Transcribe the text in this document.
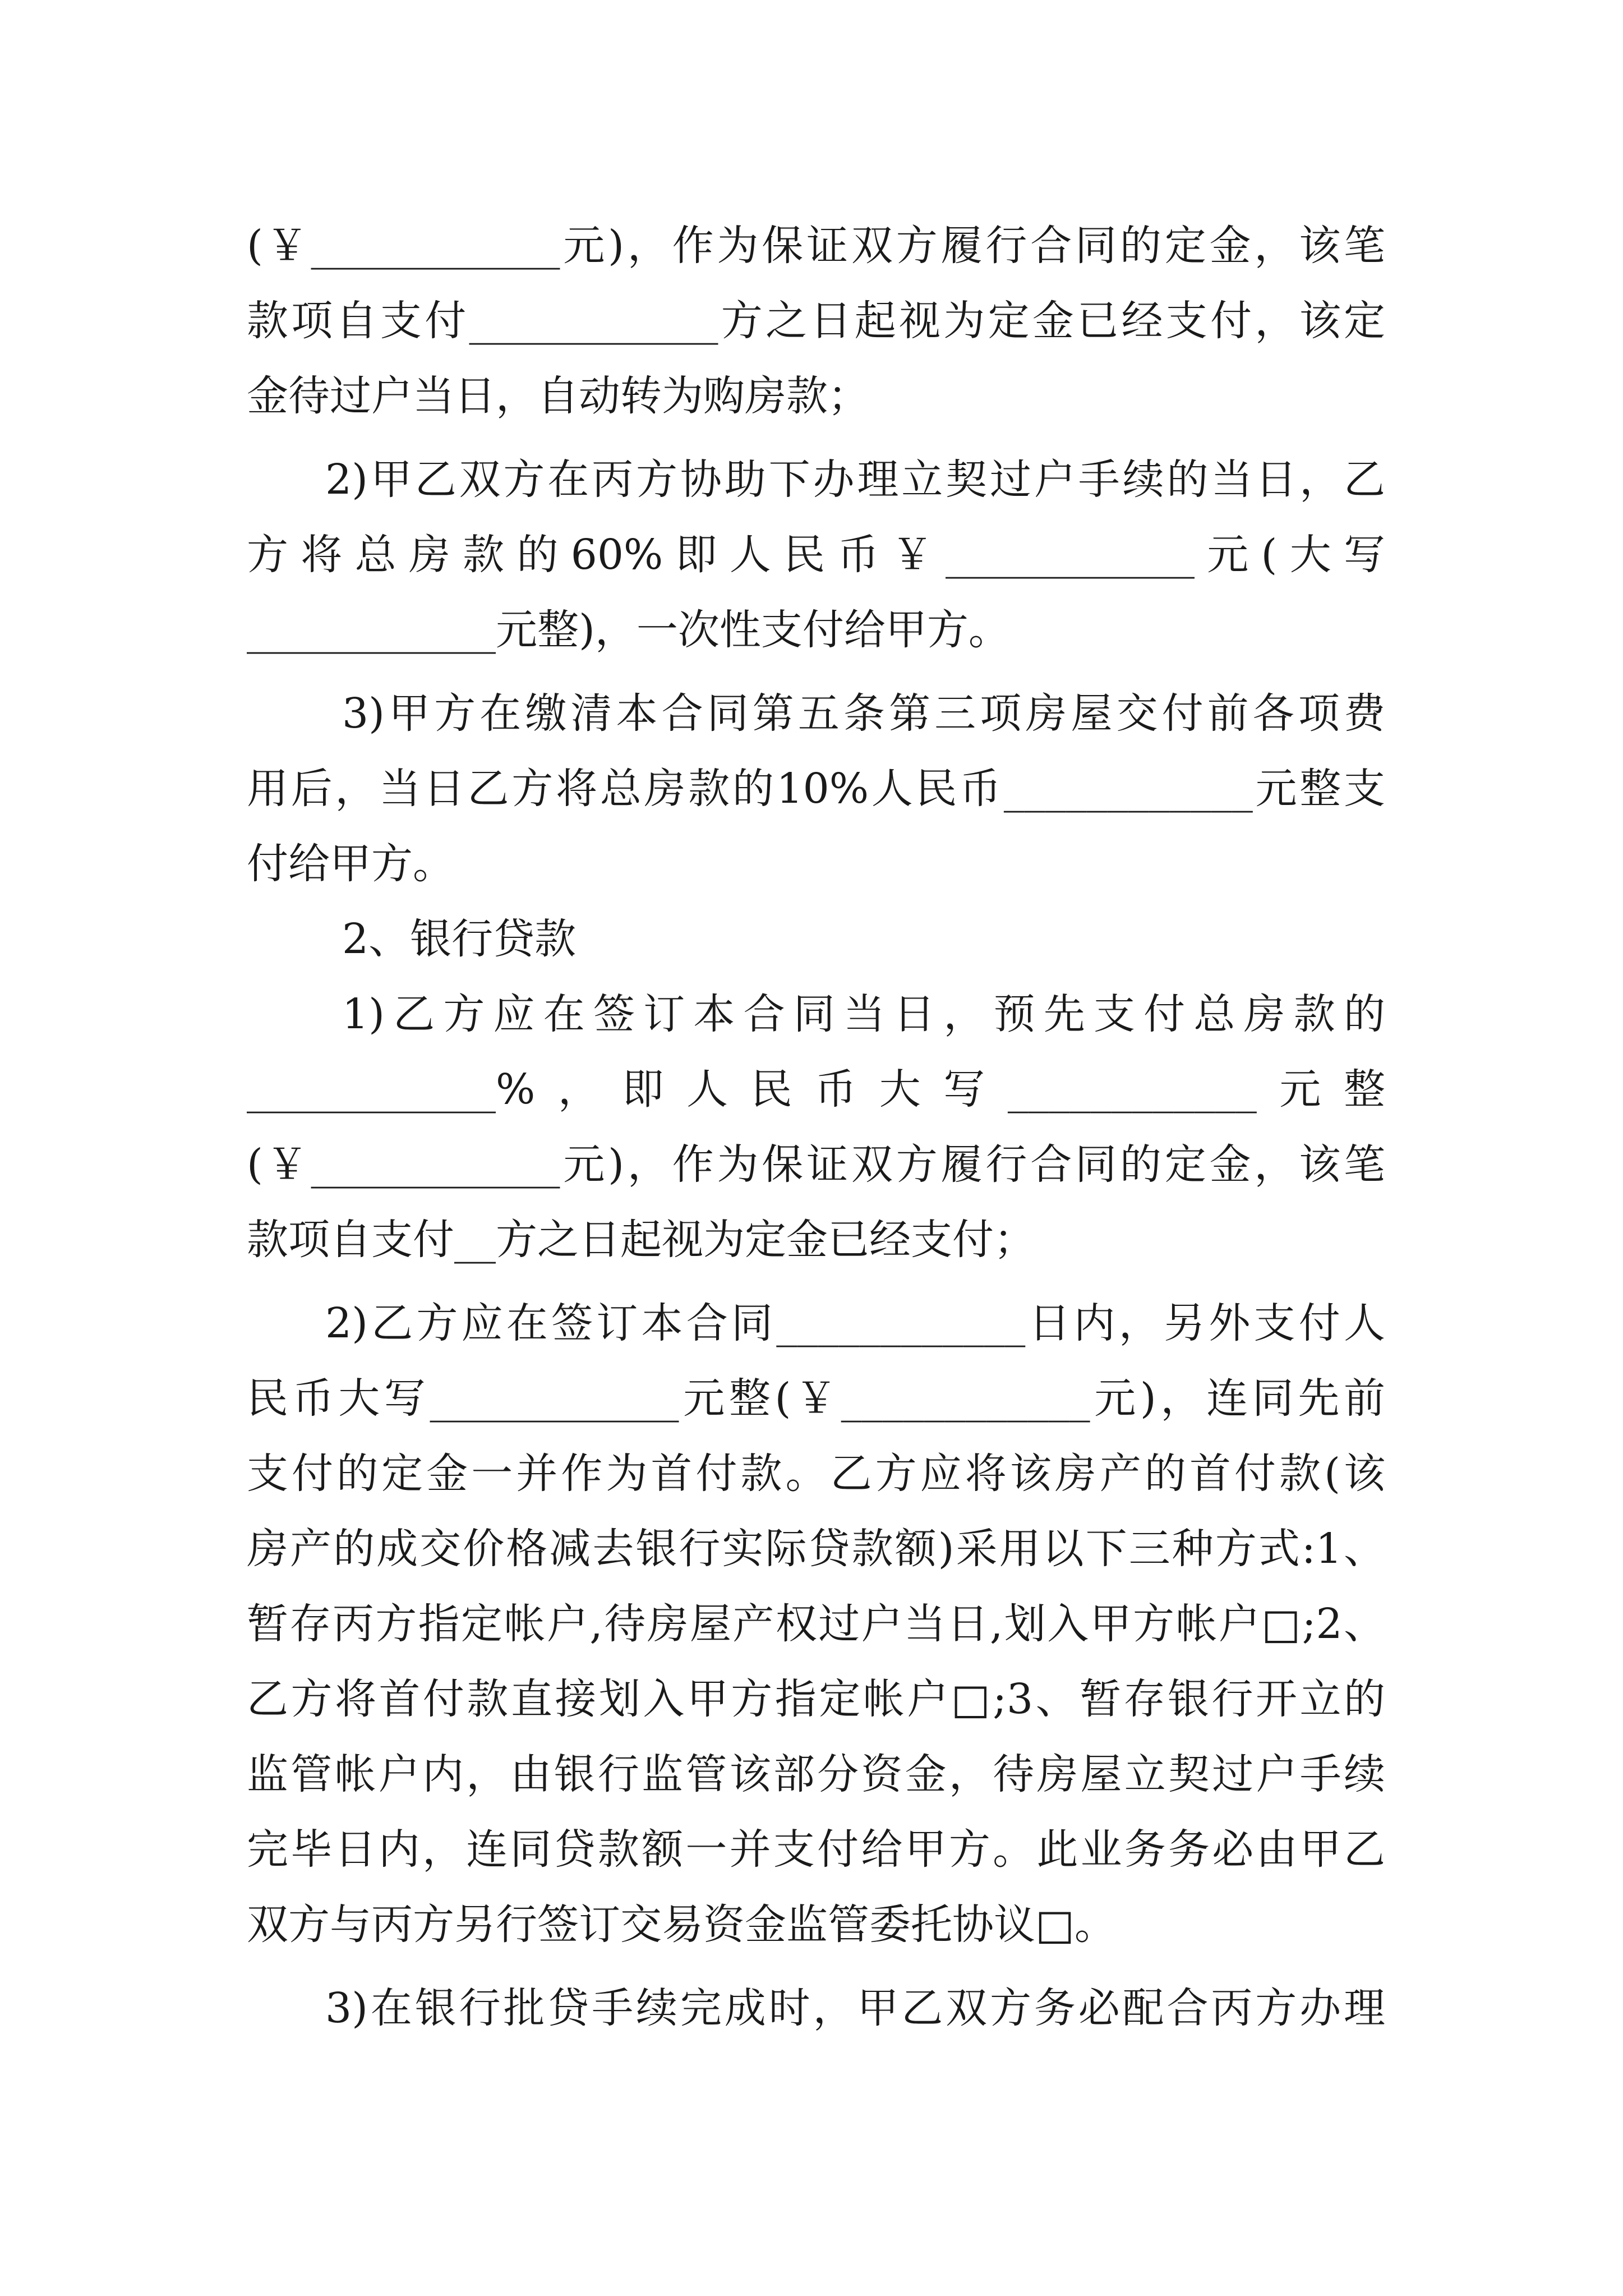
(￥____________元)，作为保证双方履行合同的定金，该笔
款项自支付____________方之日起视为定金已经支付，该定
金待过户当日，自动转为购房款；
2)甲乙双方在丙方协助下办理立契过户手续的当日，乙
方将总房款的60%即人民币￥____________元(大写
____________元整)，一次性支付给甲方。
3)甲方在缴清本合同第五条第三项房屋交付前各项费
用后，当日乙方将总房款的10%人民币____________元整支
付给甲方。
2、银行贷款
1)乙方应在签订本合同当日，预先支付总房款的
____________%，即人民币大写____________元整
(￥____________元)，作为保证双方履行合同的定金，该笔
款项自支付__方之日起视为定金已经支付；
2)乙方应在签订本合同____________日内，另外支付人
民币大写____________元整(￥____________元)，连同先前
支付的定金一并作为首付款。乙方应将该房产的首付款(该
房产的成交价格减去银行实际贷款额)采用以下三种方式:1、
暂存丙方指定帐户,待房屋产权过户当日,划入甲方帐户□;2、
乙方将首付款直接划入甲方指定帐户□;3、暂存银行开立的
监管帐户内，由银行监管该部分资金，待房屋立契过户手续
完毕日内，连同贷款额一并支付给甲方。此业务务必由甲乙
双方与丙方另行签订交易资金监管委托协议□。
3)在银行批贷手续完成时，甲乙双方务必配合丙方办理
